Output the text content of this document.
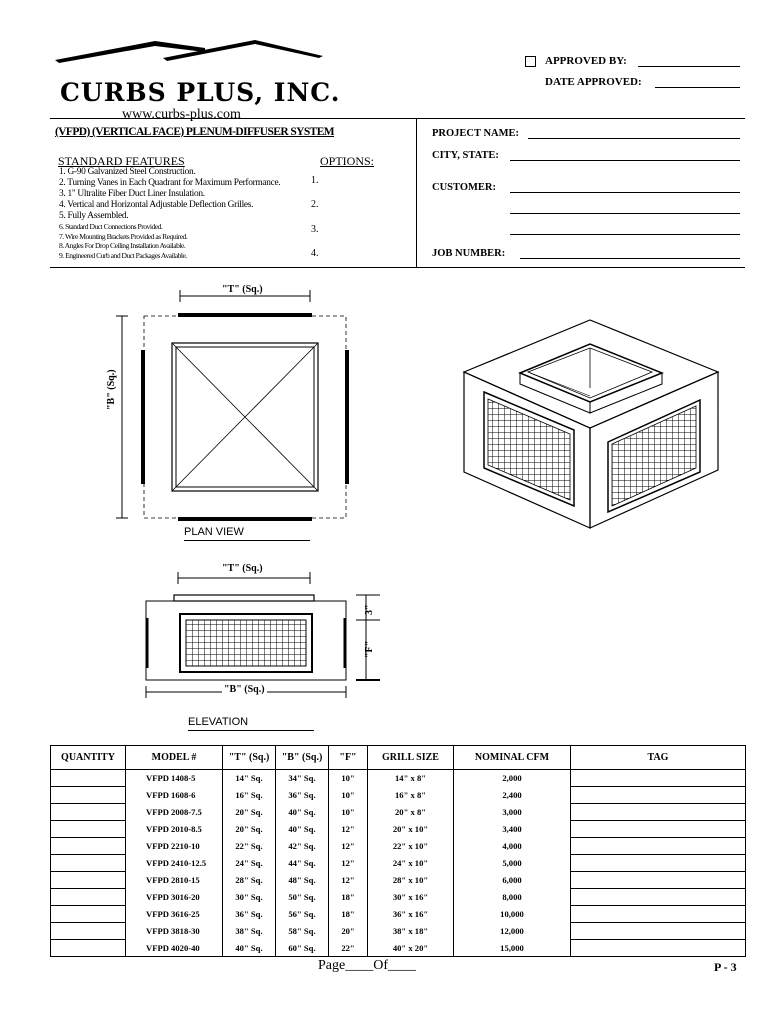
CURBS PLUS, INC.
www.curbs-plus.com
APPROVED BY:
DATE APPROVED:
(VFPD) (VERTICAL FACE) PLENUM-DIFFUSER SYSTEM
STANDARD FEATURES	OPTIONS:
1. G-90 Galvanized Steel Construction.
2. Turning Vanes in Each Quadrant for Maximum Performance.
3. 1" Ultralite Fiber Duct Liner Insulation.
4. Vertical and Horizontal Adjustable Deflection Grilles.
5. Fully Assembled.
6. Standard Duct Connections Provided.
7. Wire Mounting Brackets Provided as Required.
8. Angles For Drop Ceiling Installation Available.
9. Engineered Curb and Duct Packages Available.
1.
2.
3.
4.
PROJECT NAME:
CITY, STATE:
CUSTOMER:
JOB NUMBER:
"T" (Sq.)
"B" (Sq.)
PLAN VIEW
"T" (Sq.)
3"
"F"
"B" (Sq.)
ELEVATION
QUANTITY	MODEL #	"T" (Sq.)	"B" (Sq.)	"F"	GRILL SIZE	NOMINAL CFM	TAG
	VFPD 1408-5	14" Sq.	34" Sq.	10"	14" x 8"	2,000	
	VFPD 1608-6	16" Sq.	36" Sq.	10"	16" x 8"	2,400	
	VFPD 2008-7.5	20" Sq.	40" Sq.	10"	20" x 8"	3,000	
	VFPD 2010-8.5	20" Sq.	40" Sq.	12"	20" x 10"	3,400	
	VFPD 2210-10	22" Sq.	42" Sq.	12"	22" x 10"	4,000	
	VFPD 2410-12.5	24" Sq.	44" Sq.	12"	24" x 10"	5,000	
	VFPD 2810-15	28" Sq.	48" Sq.	12"	28" x 10"	6,000	
	VFPD 3016-20	30" Sq.	50" Sq.	18"	30" x 16"	8,000	
	VFPD 3616-25	36" Sq.	56" Sq.	18"	36" x 16"	10,000	
	VFPD 3818-30	38" Sq.	58" Sq.	20"	38" x 18"	12,000	
	VFPD 4020-40	40" Sq.	60" Sq.	22"	40" x 20"	15,000	
Page____Of____	P - 3
